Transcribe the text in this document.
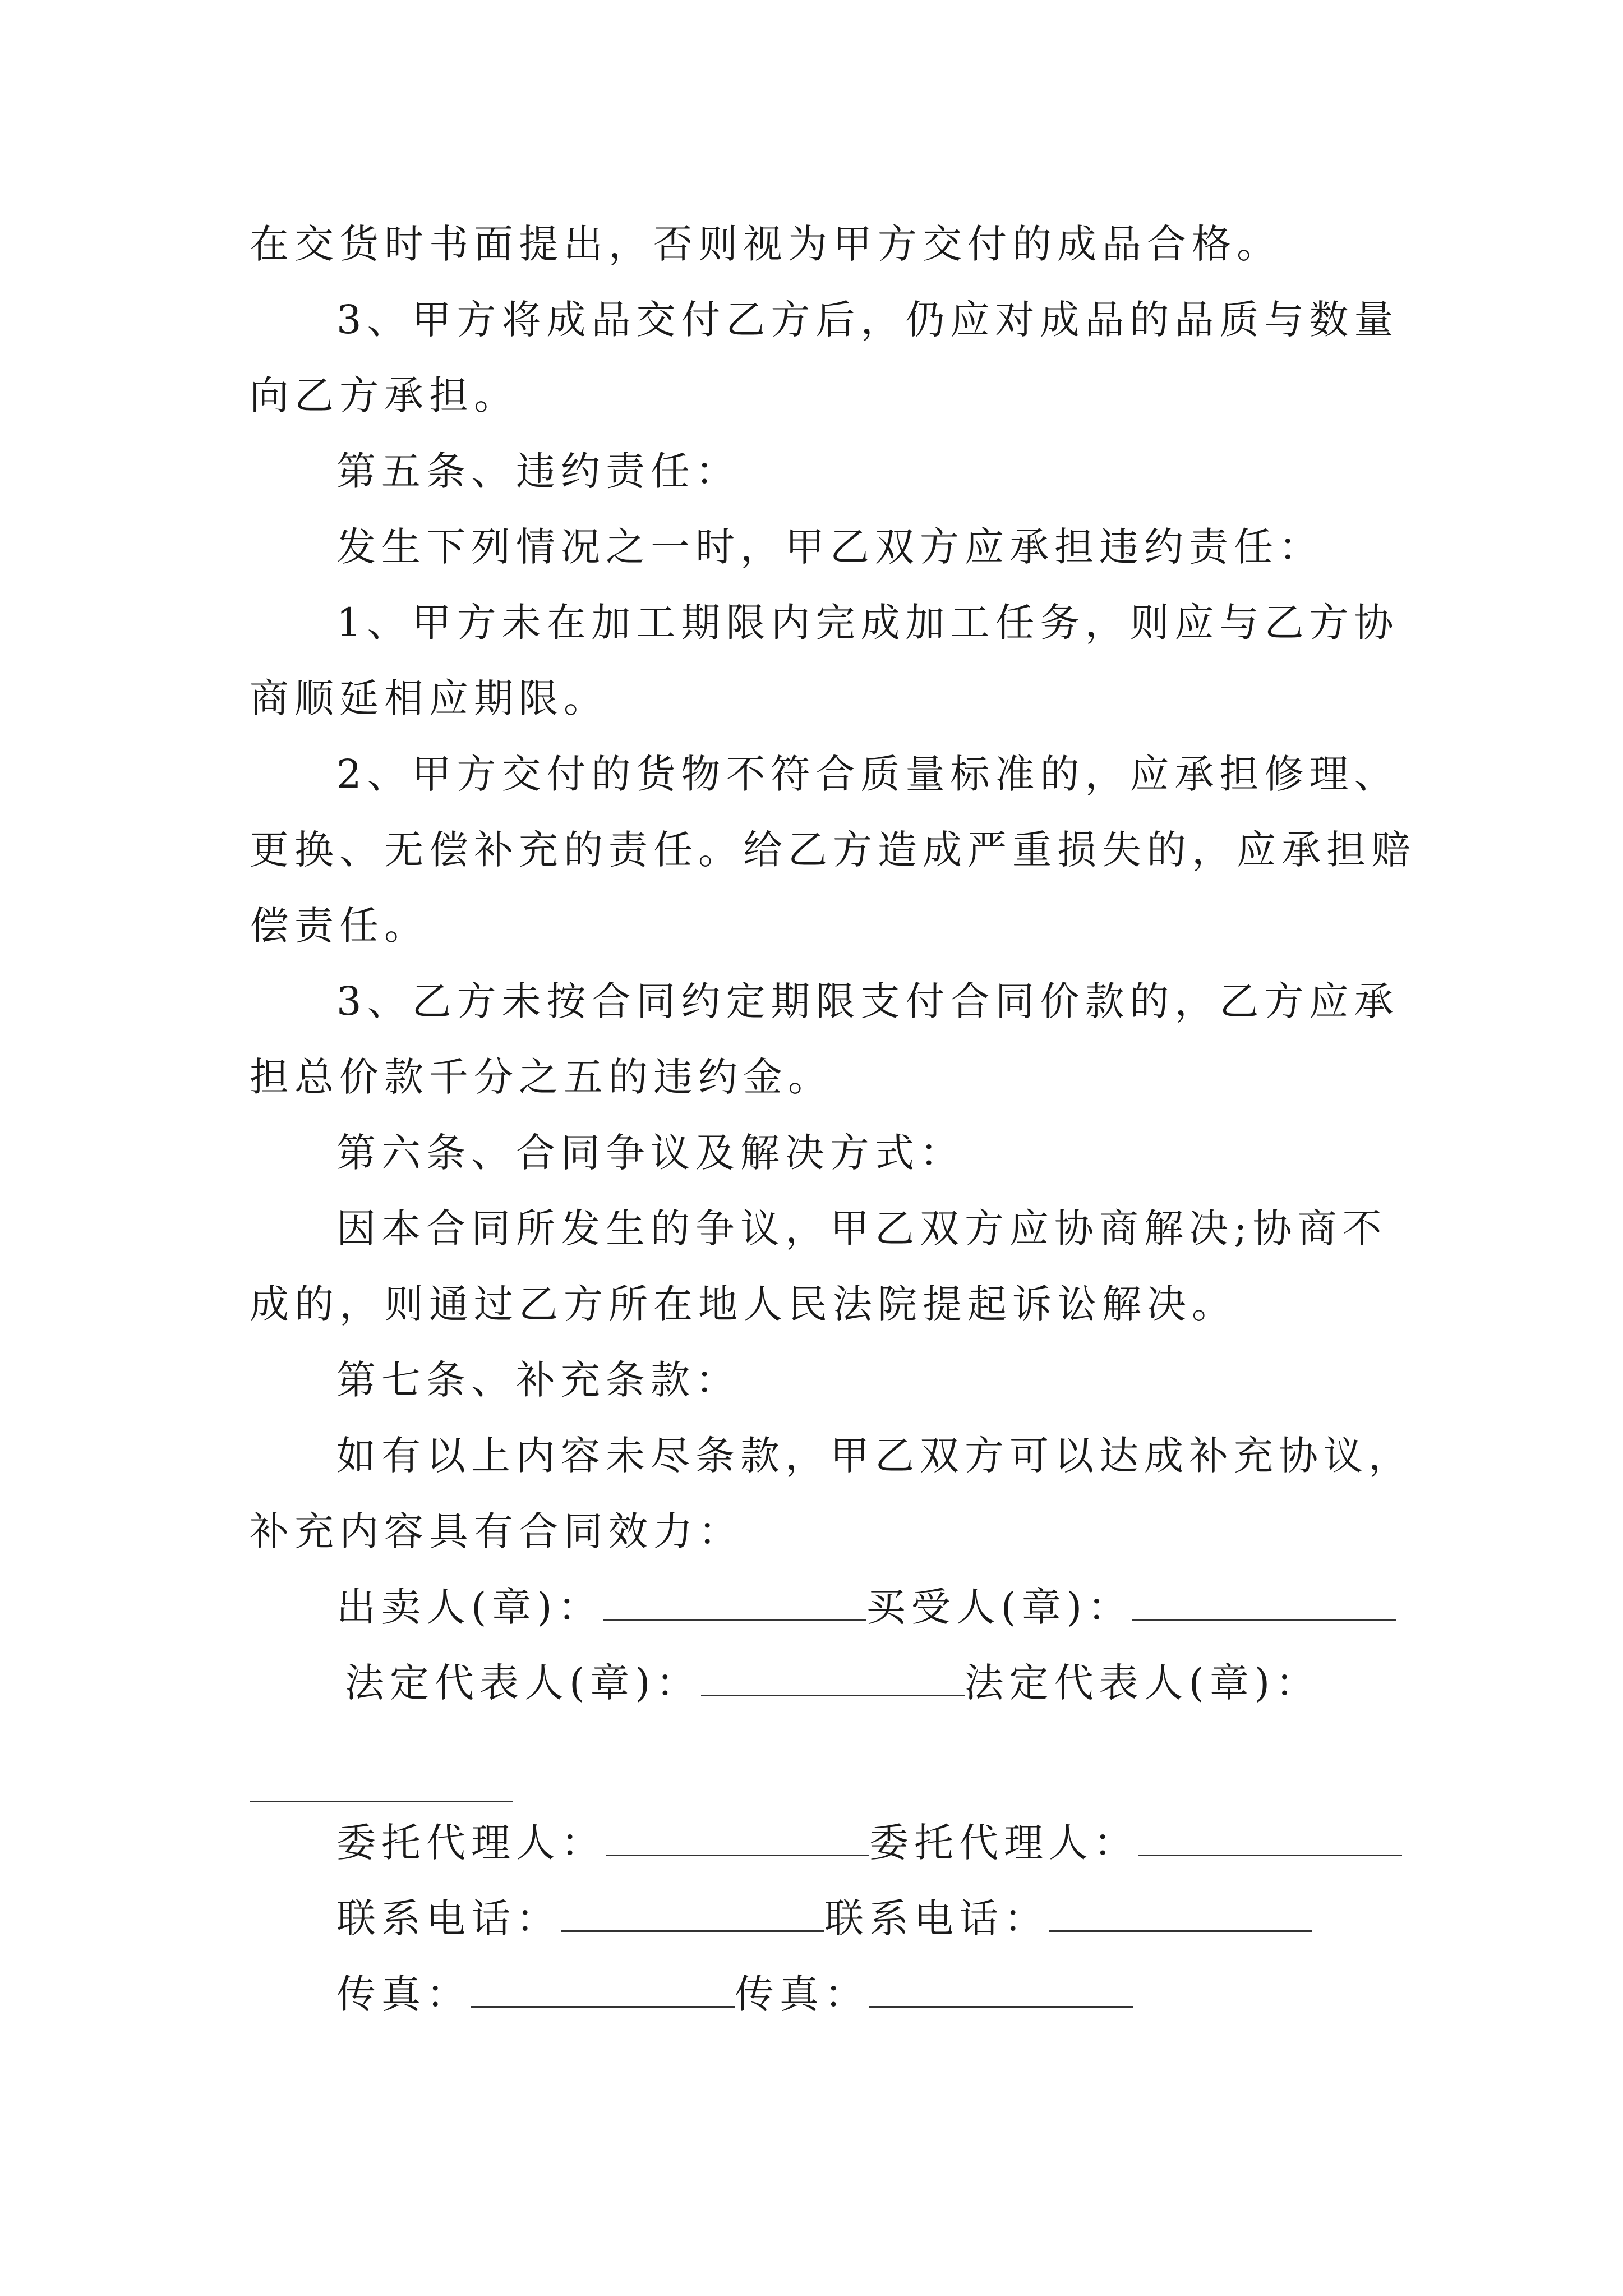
在交货时书面提出，否则视为甲方交付的成品合格。
3、甲方将成品交付乙方后，仍应对成品的品质与数量
向乙方承担。
第五条、违约责任：
发生下列情况之一时，甲乙双方应承担违约责任：
1、甲方未在加工期限内完成加工任务，则应与乙方协
商顺延相应期限。
2、甲方交付的货物不符合质量标准的，应承担修理、
更换、无偿补充的责任。给乙方造成严重损失的，应承担赔
偿责任。
3、乙方未按合同约定期限支付合同价款的，乙方应承
担总价款千分之五的违约金。
第六条、合同争议及解决方式：
因本合同所发生的争议，甲乙双方应协商解决;协商不
成的，则通过乙方所在地人民法院提起诉讼解决。
第七条、补充条款：
如有以上内容未尽条款，甲乙双方可以达成补充协议，
补充内容具有合同效力：
出卖人(章)：	买受人(章)：
法定代表人(章)：	法定代表人(章)：
委托代理人：	委托代理人：
联系电话：	联系电话：
传真：	传真：
